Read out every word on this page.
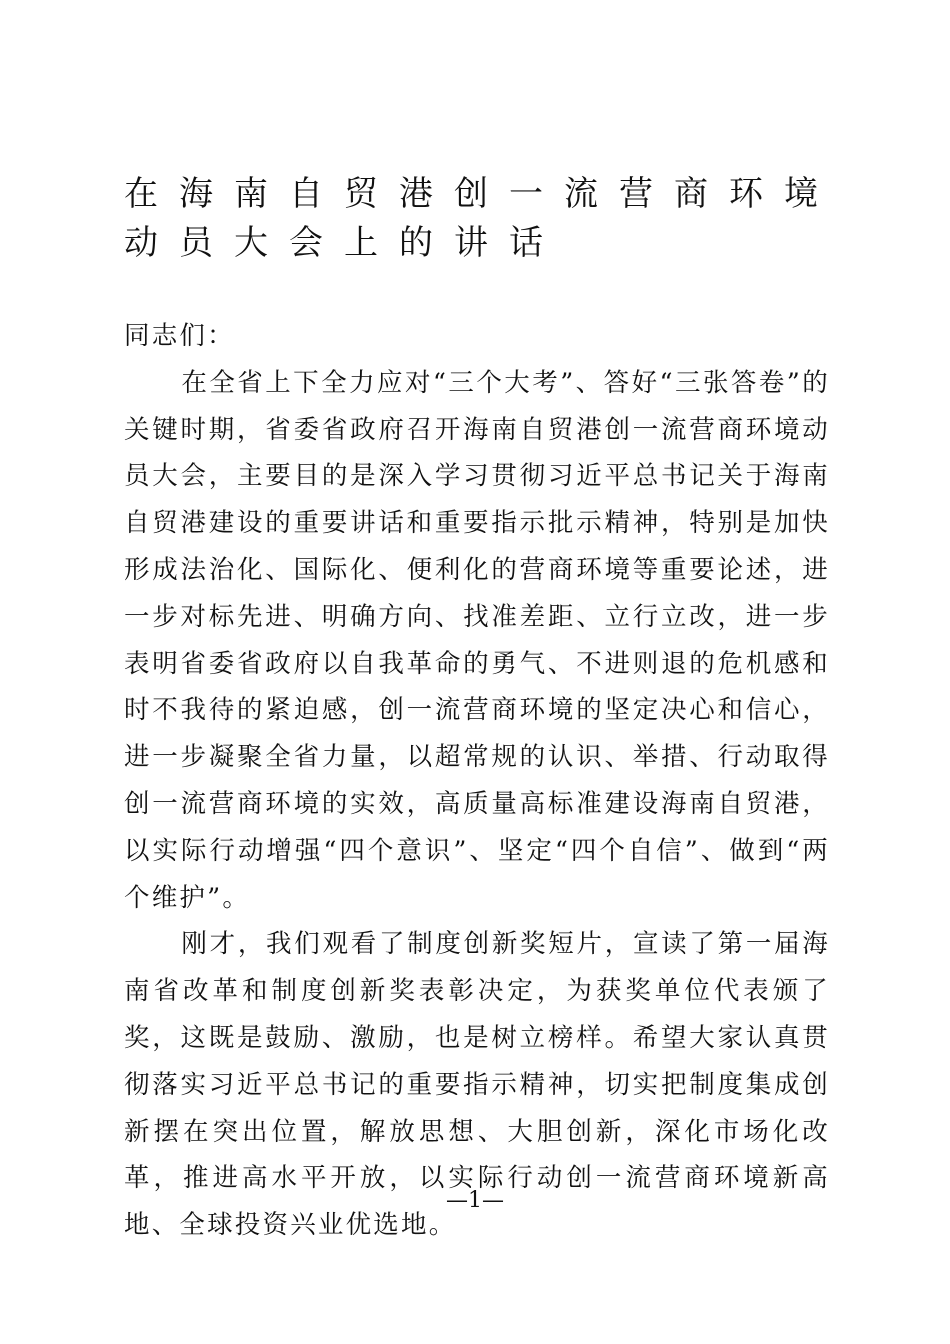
在海南自贸港创一流营商环境
动员大会上的讲话

同志们：

在全省上下全力应对“三个大考”、答好“三张答卷”的关键时期，省委省政府召开海南自贸港创一流营商环境动员大会，主要目的是深入学习贯彻习近平总书记关于海南自贸港建设的重要讲话和重要指示批示精神，特别是加快形成法治化、国际化、便利化的营商环境等重要论述，进一步对标先进、明确方向、找准差距、立行立改，进一步表明省委省政府以自我革命的勇气、不进则退的危机感和时不我待的紧迫感，创一流营商环境的坚定决心和信心，进一步凝聚全省力量，以超常规的认识、举措、行动取得创一流营商环境的实效，高质量高标准建设海南自贸港，以实际行动增强“四个意识”、坚定“四个自信”、做到“两个维护”。

刚才，我们观看了制度创新奖短片，宣读了第一届海南省改革和制度创新奖表彰决定，为获奖单位代表颁了奖，这既是鼓励、激励，也是树立榜样。希望大家认真贯彻落实习近平总书记的重要指示精神，切实把制度集成创新摆在突出位置，解放思想、大胆创新，深化市场化改革，推进高水平开放，以实际行动创一流营商环境新高地、全球投资兴业优选地。

—1—
